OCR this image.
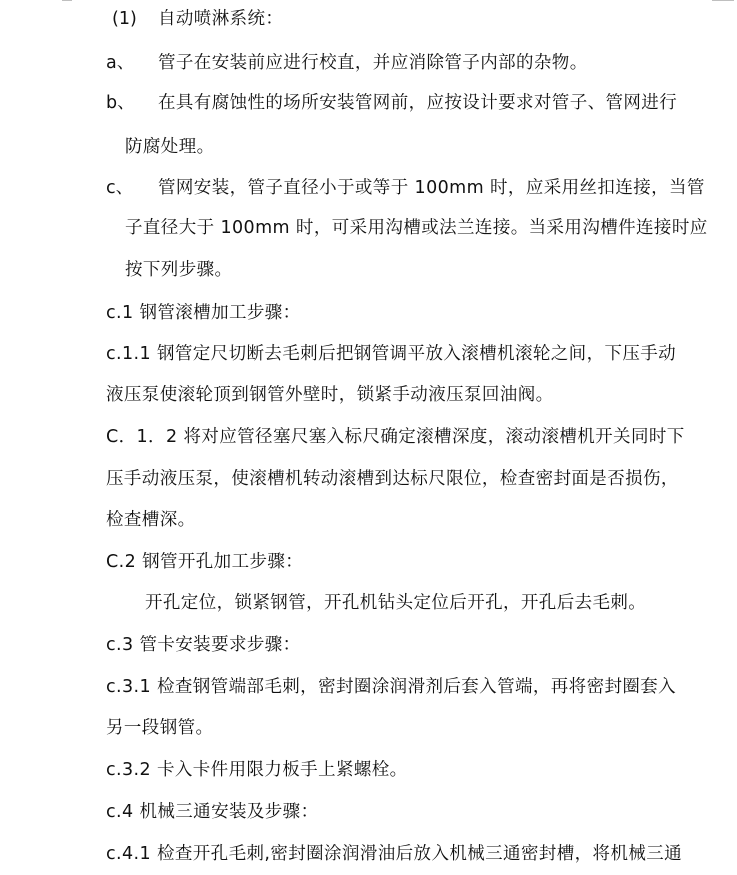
(1) 自动喷淋系统：
a、 管子在安装前应进行校直，并应消除管子内部的杂物。
b、 在具有腐蚀性的场所安装管网前，应按设计要求对管子、管网进行
防腐处理。
c、 管网安装，管子直径小于或等于 100mm 时，应采用丝扣连接，当管
子直径大于 100mm 时，可采用沟槽或法兰连接。当采用沟槽件连接时应
按下列步骤。
c.1 钢管滚槽加工步骤：
c.1.1 钢管定尺切断去毛刺后把钢管调平放入滚槽机滚轮之间，下压手动
液压泵使滚轮顶到钢管外壁时，锁紧手动液压泵回油阀。
C．1．2 将对应管径塞尺塞入标尺确定滚槽深度，滚动滚槽机开关同时下
压手动液压泵，使滚槽机转动滚槽到达标尺限位，检查密封面是否损伤，
检查槽深。
C.2 钢管开孔加工步骤：
开孔定位，锁紧钢管，开孔机钻头定位后开孔，开孔后去毛刺。
c.3 管卡安装要求步骤：
c.3.1 检查钢管端部毛刺，密封圈涂润滑剂后套入管端，再将密封圈套入
另一段钢管。
c.3.2 卡入卡件用限力板手上紧螺栓。
c.4 机械三通安装及步骤：
c.4.1 检查开孔毛刺,密封圈涂润滑油后放入机械三通密封槽，将机械三通
